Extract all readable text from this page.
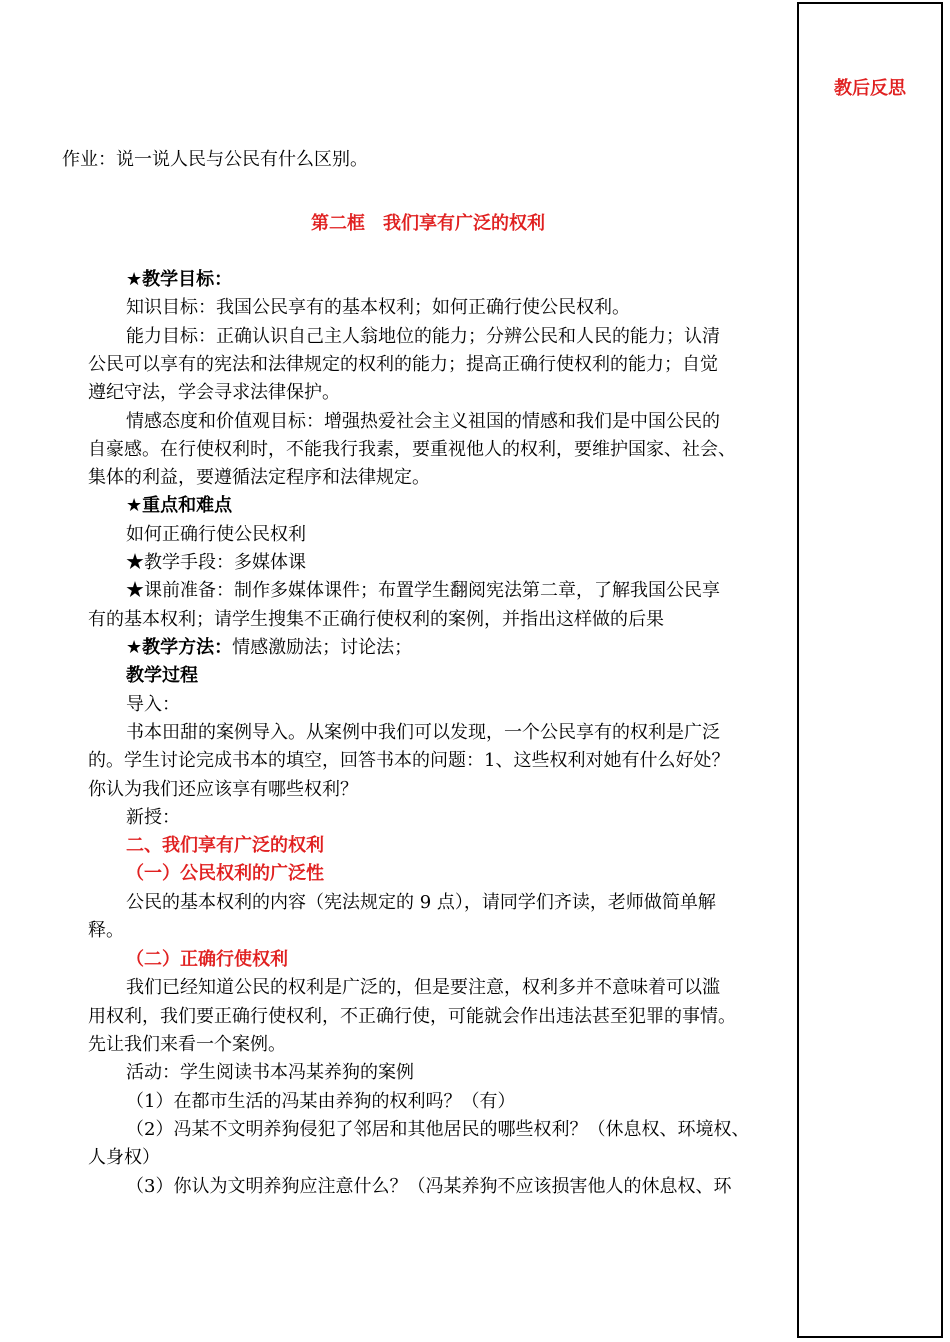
教后反思
作业：说一说人民与公民有什么区别。
第二框　我们享有广泛的权利
★教学目标：
知识目标：我国公民享有的基本权利；如何正确行使公民权利。
能力目标：正确认识自己主人翁地位的能力；分辨公民和人民的能力；认清
公民可以享有的宪法和法律规定的权利的能力；提高正确行使权利的能力；自觉
遵纪守法，学会寻求法律保护。
情感态度和价值观目标：增强热爱社会主义祖国的情感和我们是中国公民的
自豪感。在行使权利时，不能我行我素，要重视他人的权利，要维护国家、社会、
集体的利益，要遵循法定程序和法律规定。
★重点和难点
如何正确行使公民权利
★教学手段：多媒体课
★课前准备：制作多媒体课件；布置学生翻阅宪法第二章，了解我国公民享
有的基本权利；请学生搜集不正确行使权利的案例，并指出这样做的后果
★教学方法：情感激励法；讨论法；
教学过程
导入：
书本田甜的案例导入。从案例中我们可以发现，一个公民享有的权利是广泛
的。学生讨论完成书本的填空，回答书本的问题：1、这些权利对她有什么好处？
你认为我们还应该享有哪些权利？
新授：
二、我们享有广泛的权利
（一）公民权利的广泛性
公民的基本权利的内容（宪法规定的 9 点），请同学们齐读，老师做简单解
释。
（二）正确行使权利
我们已经知道公民的权利是广泛的，但是要注意，权利多并不意味着可以滥
用权利，我们要正确行使权利，不正确行使，可能就会作出违法甚至犯罪的事情。
先让我们来看一个案例。
活动：学生阅读书本冯某养狗的案例
（1）在都市生活的冯某由养狗的权利吗？（有）
（2）冯某不文明养狗侵犯了邻居和其他居民的哪些权利？（休息权、环境权、
人身权）
（3）你认为文明养狗应注意什么？（冯某养狗不应该损害他人的休息权、环
